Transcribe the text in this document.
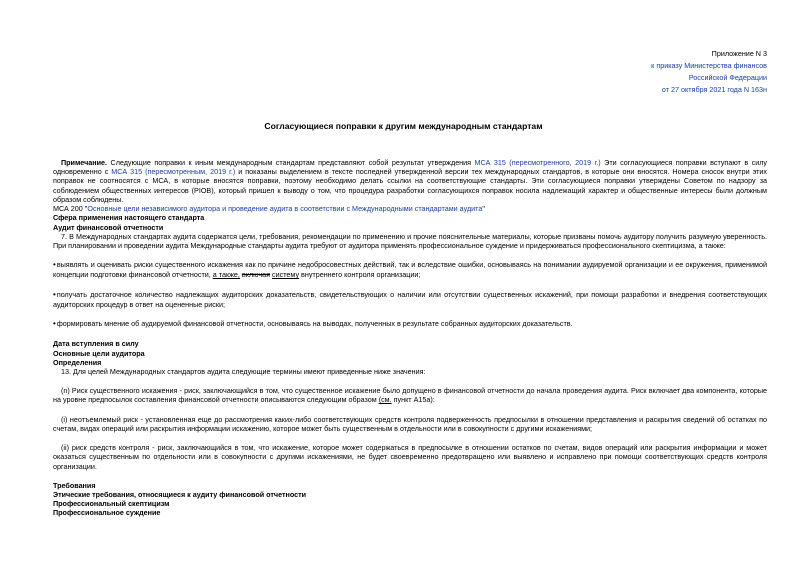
Приложение N 3
к приказу Министерства финансов
Российской Федерации
от 27 октября 2021 года N 163н
Согласующиеся поправки к другим международным стандартам

Примечание. Следующие поправки к иным международным стандартам представляют собой результат утверждения МСА 315 (пересмотренного, 2019 г.) Эти согласующиеся поправки вступают в силу одновременно с МСА 315 (пересмотренным, 2019 г.) и показаны выделением в тексте последней утвержденной версии тех международных стандартов, в которые они вносятся. Номера сносок внутри этих поправок не соотносятся с МСА, в которые вносятся поправки, поэтому необходимо делать ссылки на соответствующие стандарты. Эти согласующиеся поправки утверждены Советом по надзору за соблюдением общественных интересов (PIOB), который пришел к выводу о том, что процедура разработки согласующихся поправок носила надлежащий характер и общественные интересы были должным образом соблюдены.

МСА 200 "Основные цели независимого аудитора и проведение аудита в соответствии с Международными стандартами аудита"

Сфера применения настоящего стандарта

Аудит финансовой отчетности

7. В Международных стандартах аудита содержатся цели, требования, рекомендации по применению и прочие пояснительные материалы, которые призваны помочь аудитору получить разумную уверенность. При планировании и проведении аудита Международные стандарты аудита требуют от аудитора применять профессиональное суждение и придерживаться профессионального скептицизма, а также:

• выявлять и оценивать риски существенного искажения как по причине недобросовестных действий, так и вследствие ошибки, основываясь на понимании аудируемой организации и ее окружения, применимой концепции подготовки финансовой отчетности, а также, включая систему внутреннего контроля организации;

• получать достаточное количество надлежащих аудиторских доказательств, свидетельствующих о наличии или отсутствии существенных искажений, при помощи разработки и внедрения соответствующих аудиторских процедур в ответ на оцененные риски;

• формировать мнение об аудируемой финансовой отчетности, основываясь на выводах, полученных в результате собранных аудиторских доказательств.

Дата вступления в силу

Основные цели аудитора

Определения

13. Для целей Международных стандартов аудита следующие термины имеют приведенные ниже значения:

(n) Риск существенного искажения - риск, заключающийся в том, что существенное искажение было допущено в финансовой отчетности до начала проведения аудита. Риск включает два компонента, которые на уровне предпосылок составления финансовой отчетности описываются следующим образом (см. пункт A15a):

(i) неотъемлемый риск - установленная еще до рассмотрения каких-либо соответствующих средств контроля подверженность предпосылки в отношении представления и раскрытия сведений об остатках по счетам, видах операций или раскрытия информации искажению, которое может быть существенным в отдельности или в совокупности с другими искажениями;

(ii) риск средств контроля - риск, заключающийся в том, что искажение, которое может содержаться в предпосылке в отношении остатков по счетам, видов операций или раскрытия информации и может оказаться существенным по отдельности или в совокупности с другими искажениями, не будет своевременно предотвращено или выявлено и исправлено при помощи соответствующих средств контроля организации.

Требования

Этические требования, относящиеся к аудиту финансовой отчетности

Профессиональный скептицизм

Профессиональное суждение
